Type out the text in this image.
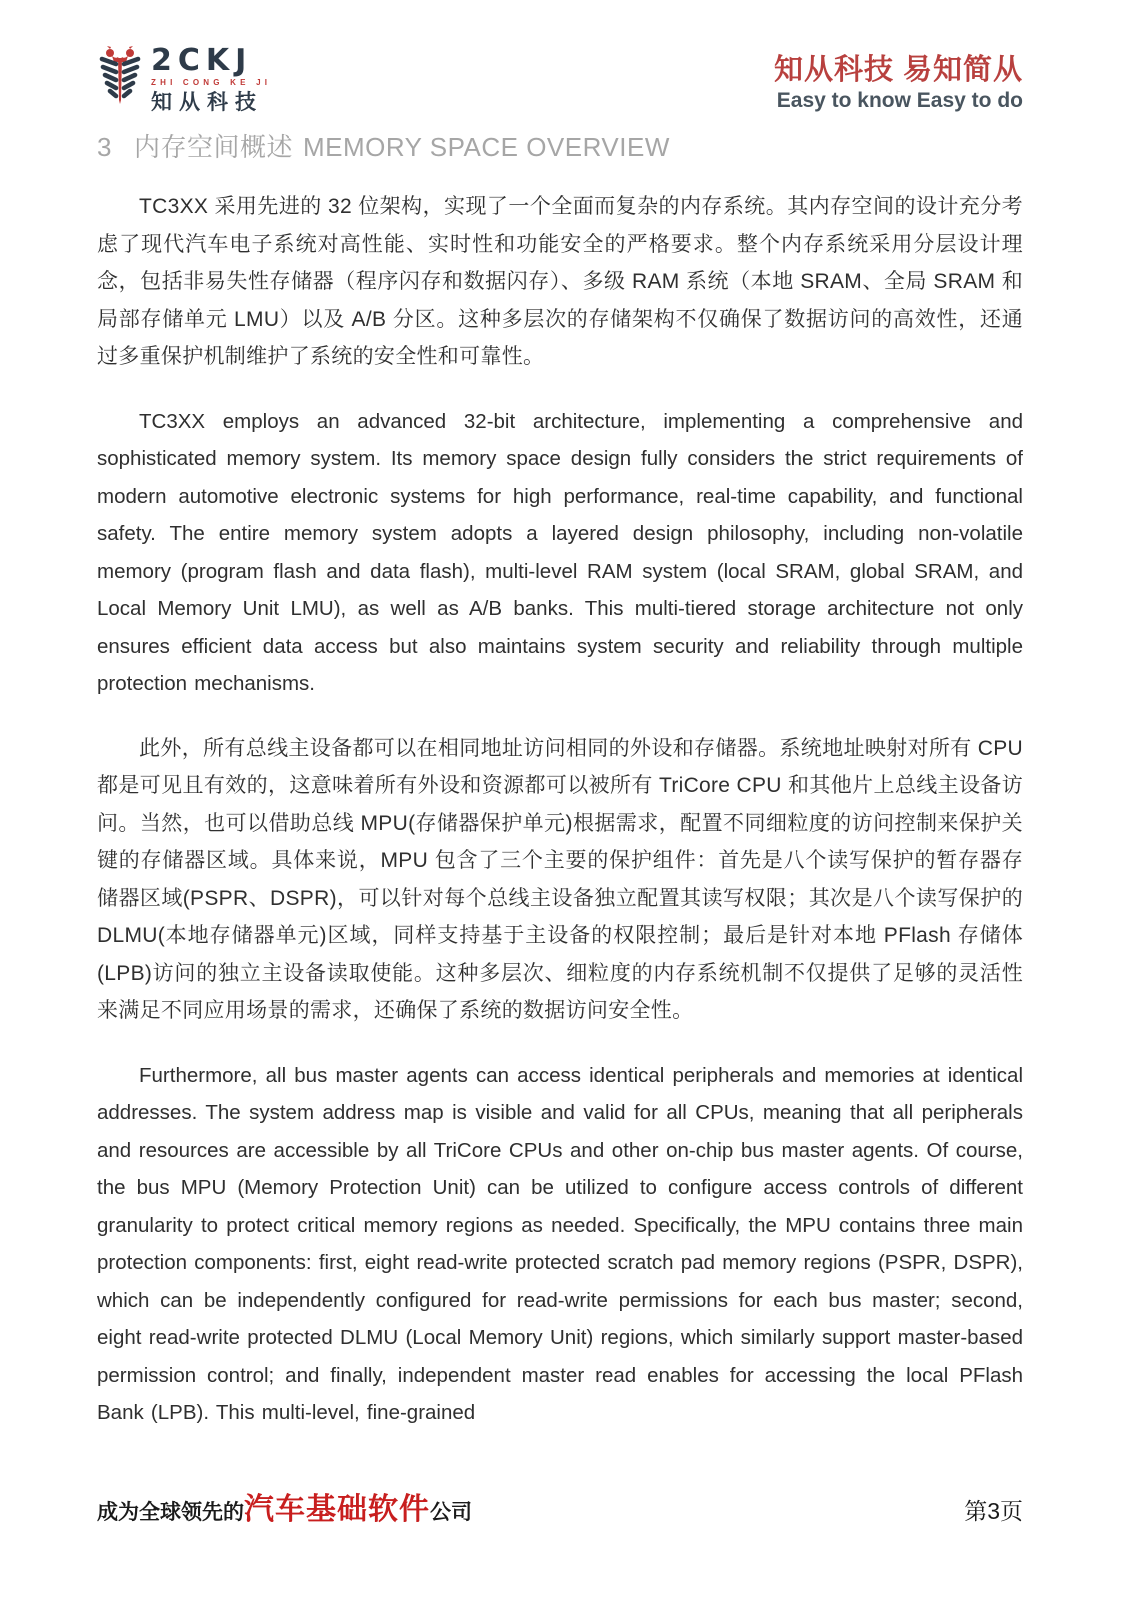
2CKJ
ZHI CONG KE JI
知从科技
知从科技 易知简从
Easy to know Easy to do
3 内存空间概述 MEMORY SPACE OVERVIEW

TC3XX 采用先进的 32 位架构，实现了一个全面而复杂的内存系统。其内存空间的设计充分考虑了现代汽车电子系统对高性能、实时性和功能安全的严格要求。整个内存系统采用分层设计理念，包括非易失性存储器（程序闪存和数据闪存）、多级 RAM 系统（本地 SRAM、全局 SRAM 和局部存储单元 LMU）以及 A/B 分区。这种多层次的存储架构不仅确保了数据访问的高效性，还通过多重保护机制维护了系统的安全性和可靠性。

TC3XX employs an advanced 32-bit architecture, implementing a comprehensive and sophisticated memory system. Its memory space design fully considers the strict requirements of modern automotive electronic systems for high performance, real-time capability, and functional safety. The entire memory system adopts a layered design philosophy, including non-volatile memory (program flash and data flash), multi-level RAM system (local SRAM, global SRAM, and Local Memory Unit LMU), as well as A/B banks. This multi-tiered storage architecture not only ensures efficient data access but also maintains system security and reliability through multiple protection mechanisms.

此外，所有总线主设备都可以在相同地址访问相同的外设和存储器。系统地址映射对所有 CPU 都是可见且有效的，这意味着所有外设和资源都可以被所有 TriCore CPU 和其他片上总线主设备访问。当然，也可以借助总线 MPU(存储器保护单元)根据需求，配置不同细粒度的访问控制来保护关键的存储器区域。具体来说，MPU 包含了三个主要的保护组件：首先是八个读写保护的暂存器存储器区域(PSPR、DSPR)，可以针对每个总线主设备独立配置其读写权限；其次是八个读写保护的 DLMU(本地存储器单元)区域，同样支持基于主设备的权限控制；最后是针对本地 PFlash 存储体(LPB)访问的独立主设备读取使能。这种多层次、细粒度的内存系统机制不仅提供了足够的灵活性来满足不同应用场景的需求，还确保了系统的数据访问安全性。

Furthermore, all bus master agents can access identical peripherals and memories at identical addresses. The system address map is visible and valid for all CPUs, meaning that all peripherals and resources are accessible by all TriCore CPUs and other on-chip bus master agents. Of course, the bus MPU (Memory Protection Unit) can be utilized to configure access controls of different granularity to protect critical memory regions as needed. Specifically, the MPU contains three main protection components: first, eight read-write protected scratch pad memory regions (PSPR, DSPR), which can be independently configured for read-write permissions for each bus master; second, eight read-write protected DLMU (Local Memory Unit) regions, which similarly support master-based permission control; and finally, independent master read enables for accessing the local PFlash Bank (LPB). This multi-level, fine-grained

成为全球领先的汽车基础软件公司	第3页
